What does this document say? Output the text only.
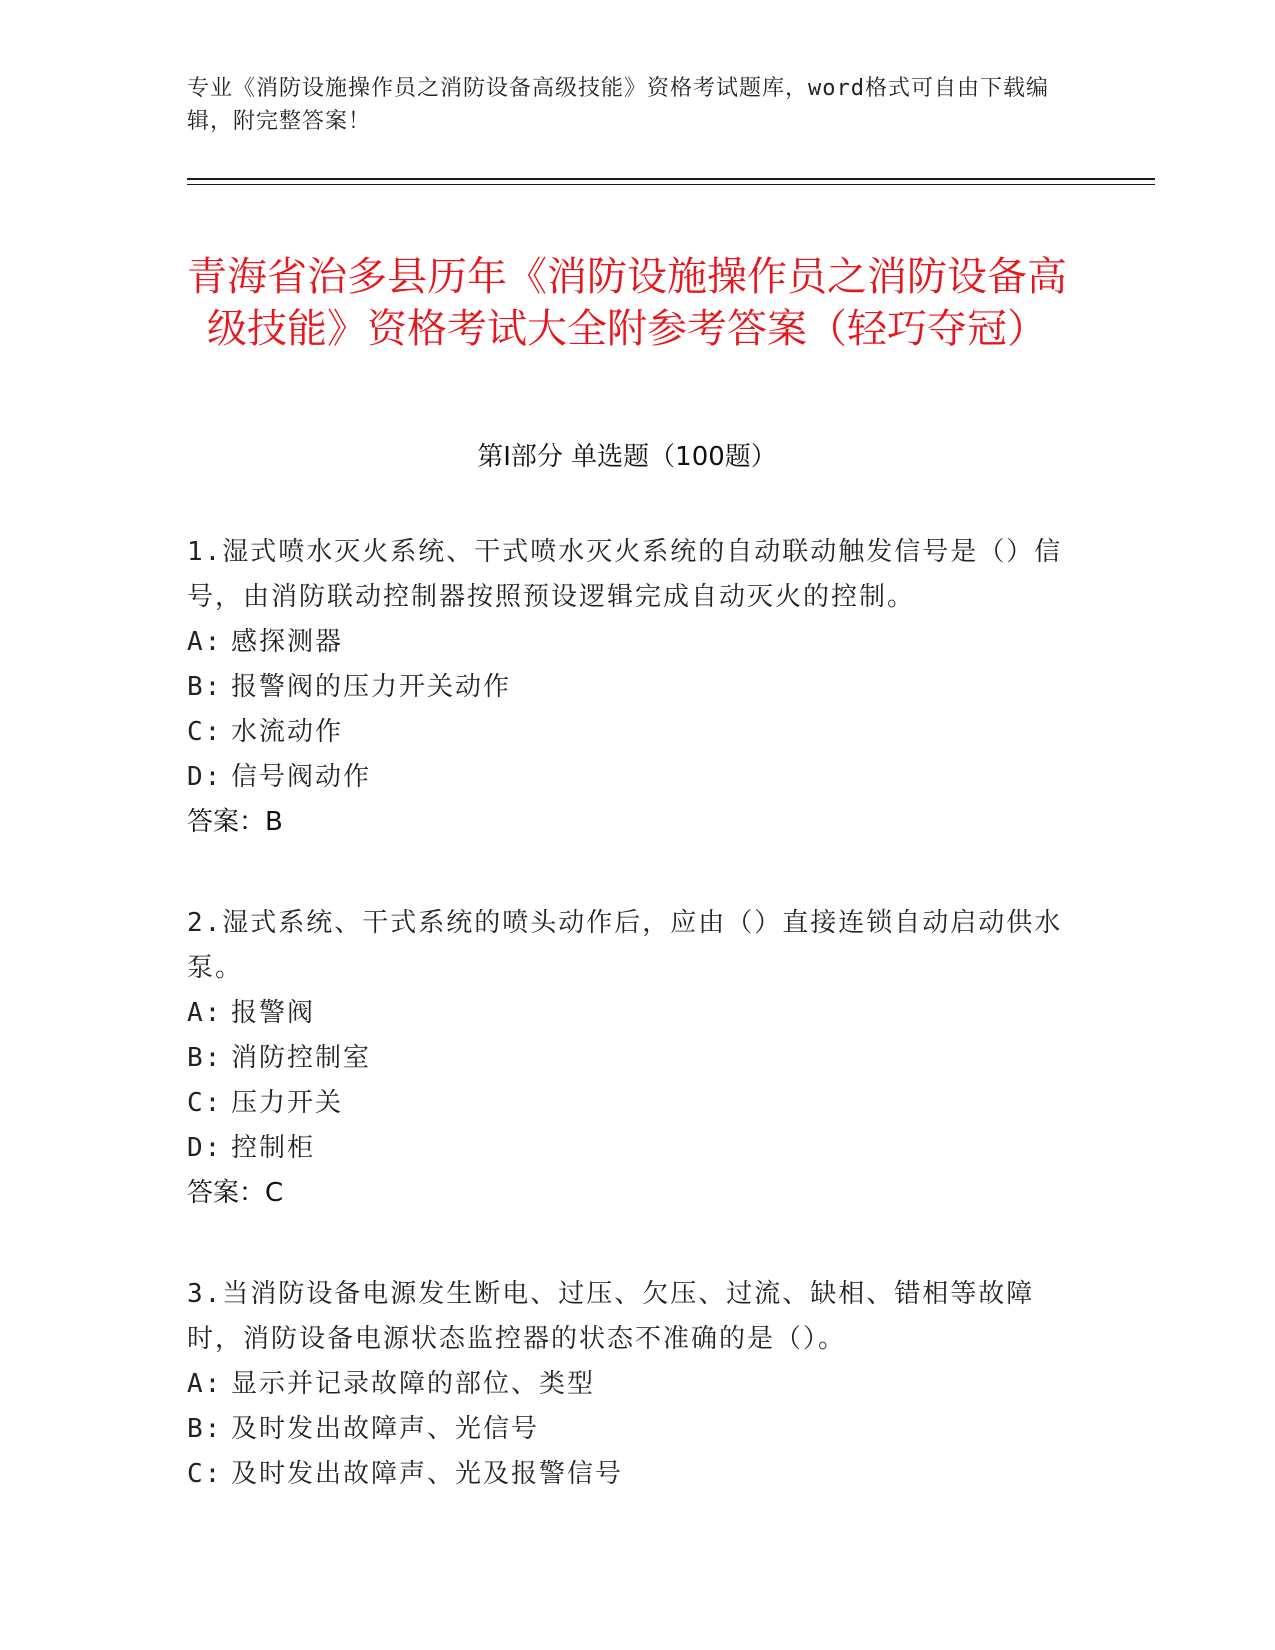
专业《消防设施操作员之消防设备高级技能》资格考试题库，word格式可自由下载编辑，附完整答案！
青海省治多县历年《消防设施操作员之消防设备高级技能》资格考试大全附参考答案（轻巧夺冠）
第I部分 单选题（100题）

1.湿式喷水灭火系统、干式喷水灭火系统的自动联动触发信号是（）信号，由消防联动控制器按照预设逻辑完成自动灭火的控制。

A: 感探测器
B: 报警阀的压力开关动作
C: 水流动作
D: 信号阀动作
答案：B

2.湿式系统、干式系统的喷头动作后，应由（）直接连锁自动启动供水泵。

A: 报警阀
B: 消防控制室
C: 压力开关
D: 控制柜
答案：C

3.当消防设备电源发生断电、过压、欠压、过流、缺相、错相等故障时，消防设备电源状态监控器的状态不准确的是（）。

A: 显示并记录故障的部位、类型
B: 及时发出故障声、光信号
C: 及时发出故障声、光及报警信号
